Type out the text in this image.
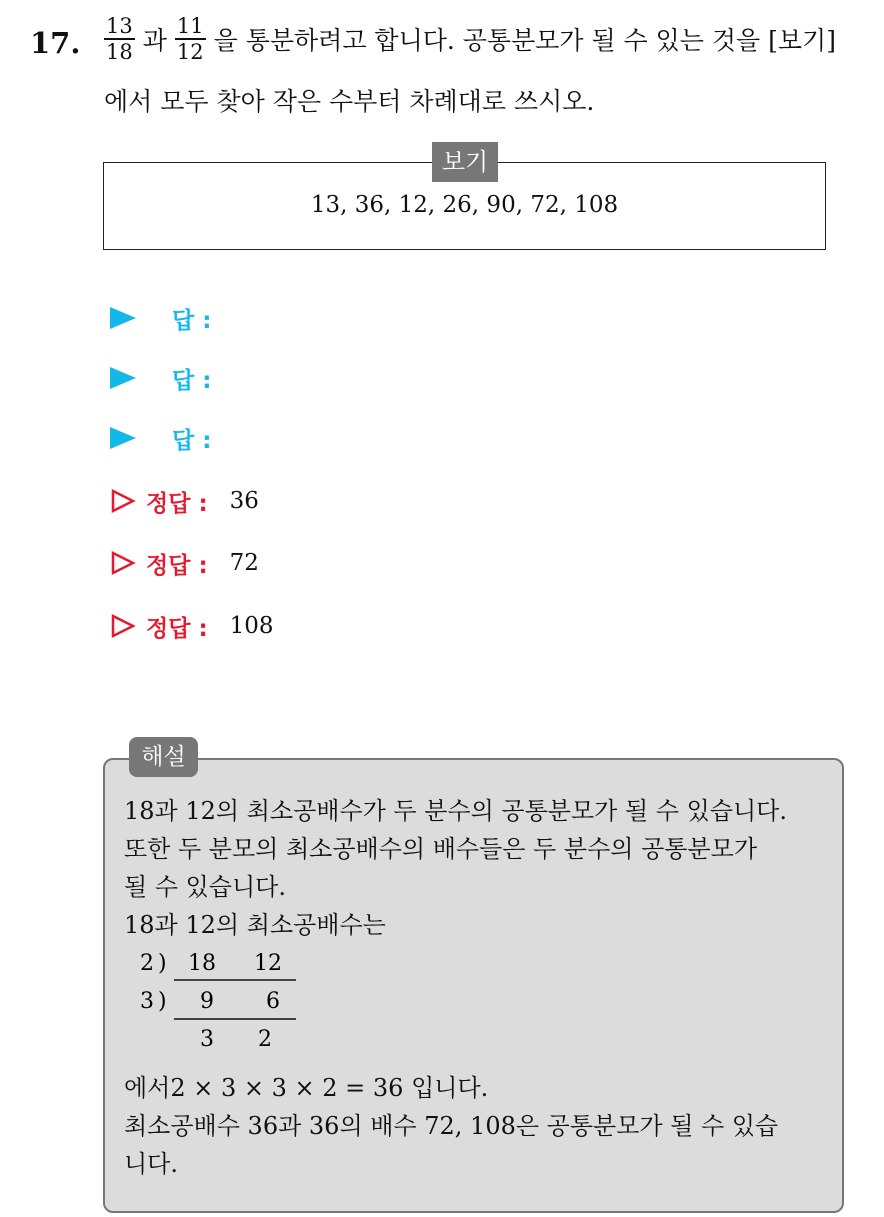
17. $\frac{13}{18}$ 과 $\frac{11}{12}$ 을 통분하려고 합니다. 공통분모가 될 수 있는 것을 [보기]
에서 모두 찾아 작은 수부터 차례대로 쓰시오.
보기
13, 36, 12, 26, 90, 72, 108
답 :
답 :
답 :
정답 : 36
정답 : 72
정답 : 108
해설
18과 12의 최소공배수가 두 분수의 공통분모가 될 수 있습니다.
또한 두 분모의 최소공배수의 배수들은 두 분수의 공통분모가
될 수 있습니다.
18과 12의 최소공배수는
2 ) 18 12
3 ) 9 6
3 2
에서2 × 3 × 3 × 2 = 36 입니다.
최소공배수 36과 36의 배수 72, 108은 공통분모가 될 수 있습
니다.
